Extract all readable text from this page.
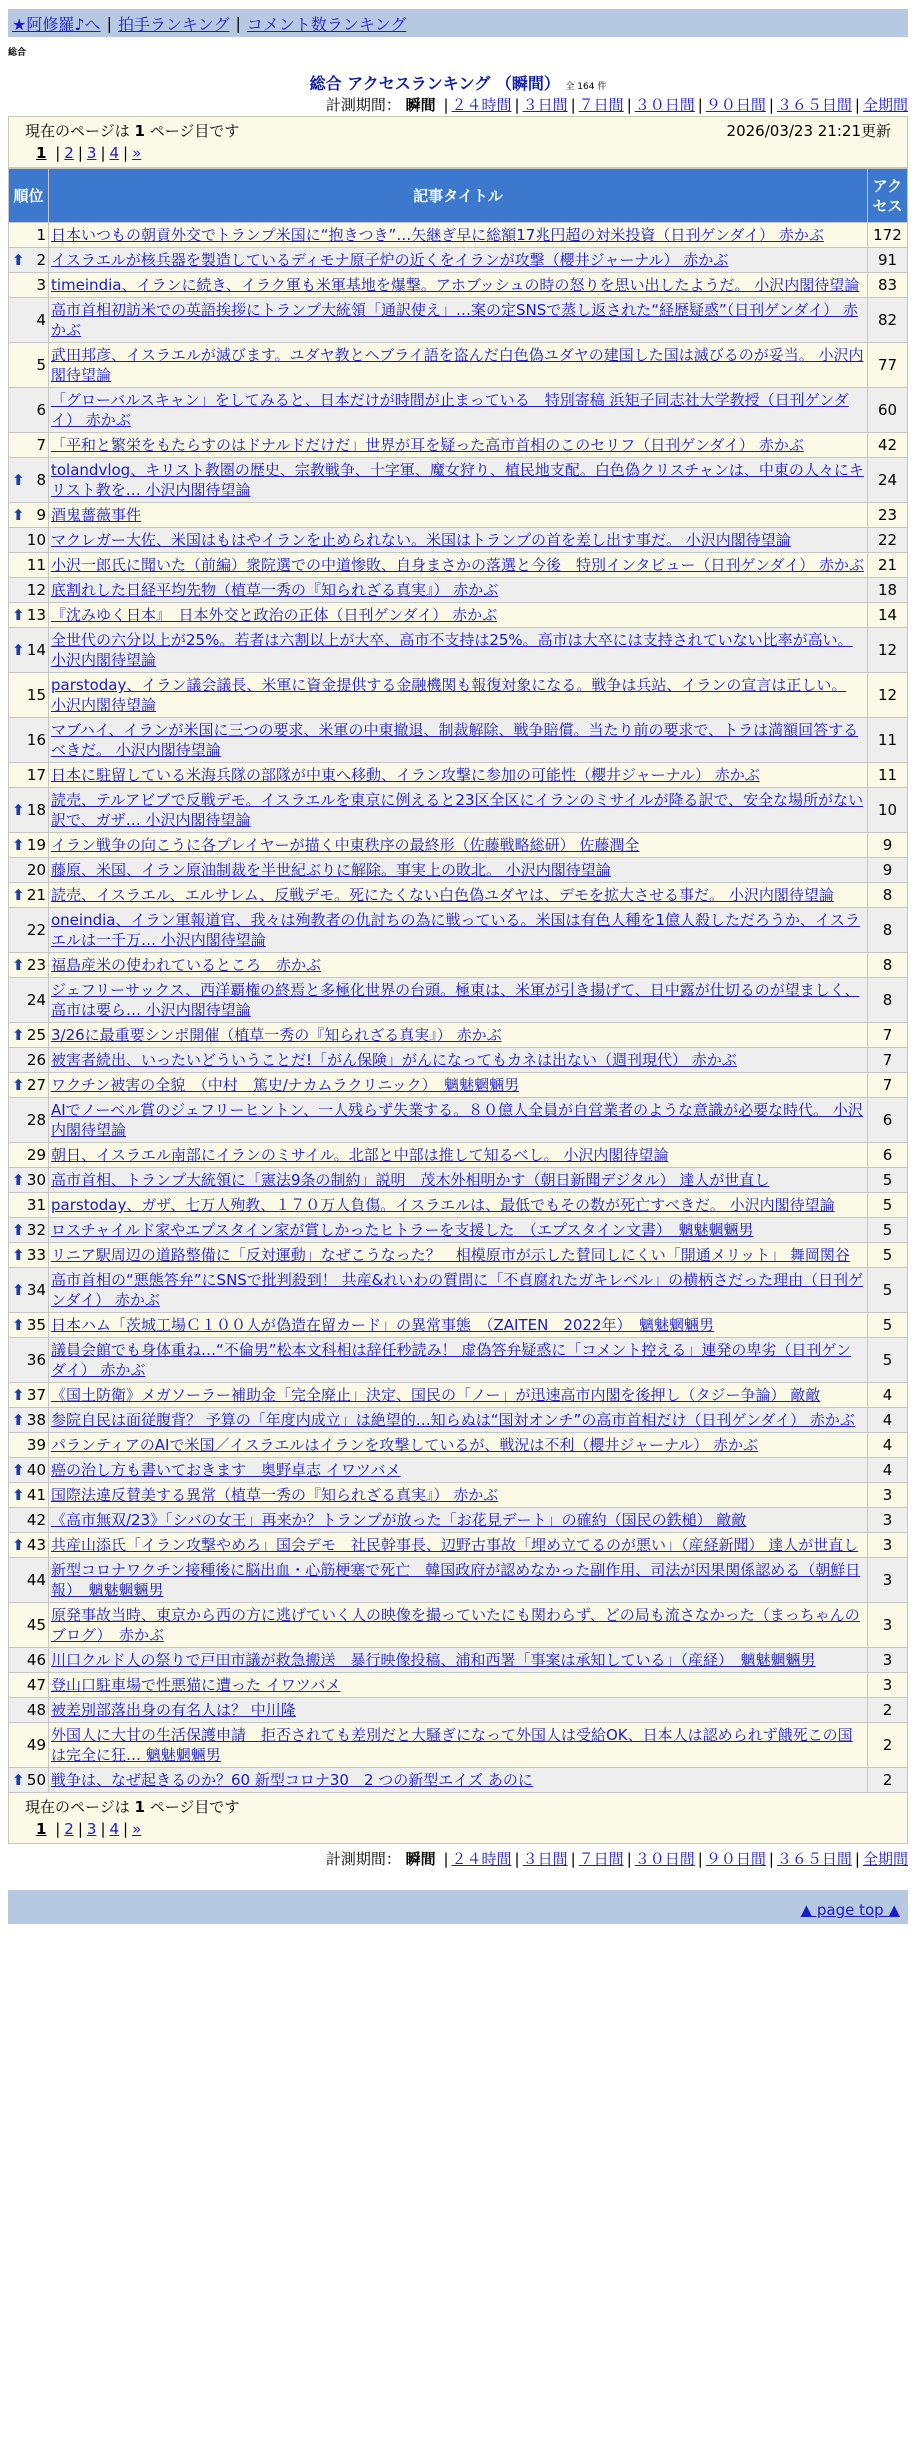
★阿修羅♪へ | 拍手ランキング | コメント数ランキング
総合
総合 アクセスランキング （瞬間） 全 164 件
計測期間： 瞬間 | ２４時間 | ３日間 | ７日間 | ３０日間 | ９０日間 | ３６５日間 | 全期間
現在のページは 1 ページ目です	2026/03/23 21:21更新
1 | 2 | 3 | 4 | »
順位	記事タイトル	アクセス
1	日本いつもの朝貢外交でトランプ米国に“抱きつき”…矢継ぎ早に総額17兆円超の対米投資（日刊ゲンダイ） 赤かぶ	172

⬆ 2	イスラエルが核兵器を製造しているディモナ原子炉の近くをイランが攻撃（櫻井ジャーナル） 赤かぶ	91
3	timeindia、イランに続き、イラク軍も米軍基地を爆撃。アホブッシュの時の怒りを思い出したようだ。 小沢内閣待望論	83
4	高市首相初訪米での英語挨拶にトランプ大統領「通訳使え」…案の定SNSで蒸し返された“経歴疑惑”（日刊ゲンダイ） 赤かぶ	82
5	武田邦彦、イスラエルが滅びます。ユダヤ教とヘブライ語を盗んだ白色偽ユダヤの建国した国は滅びるのが妥当。 小沢内閣待望論	77
6	「グローバルスキャン」をしてみると、日本だけが時間が止まっている　特別寄稿 浜矩子同志社大学教授（日刊ゲンダイ） 赤かぶ	60
7	「平和と繁栄をもたらすのはドナルドだけだ」世界が耳を疑った高市首相のこのセリフ（日刊ゲンダイ） 赤かぶ	42

⬆ 8	tolandvlog、キリスト教圏の歴史、宗教戦争、十字軍、魔女狩り、植民地支配。白色偽クリスチャンは、中東の人々にキリスト教を… 小沢内閣待望論	24

⬆ 9	酒鬼薔薇事件	23
10	マクレガー大佐、米国はもはやイランを止められない。米国はトランプの首を差し出す事だ。 小沢内閣待望論	22
11	小沢一郎氏に聞いた（前編）衆院選での中道惨敗、自身まさかの落選と今後　特別インタビュー（日刊ゲンダイ） 赤かぶ	21
12	底割れした日経平均先物（植草一秀の『知られざる真実』） 赤かぶ	18

⬆ 13	『沈みゆく日本』　日本外交と政治の正体（日刊ゲンダイ） 赤かぶ	14

⬆ 14	全世代の六分以上が25%。若者は六割以上が大卒、高市不支持は25%。高市は大卒には支持されていない比率が高い。 小沢内閣待望論	12
15	parstoday、イラン議会議長、米軍に資金提供する金融機関も報復対象になる。戦争は兵站、イランの宣言は正しい。 小沢内閣待望論	12
16	マブハイ、イランが米国に三つの要求、米軍の中東撤退、制裁解除、戦争賠償。当たり前の要求で、トラは満額回答するべきだ。 小沢内閣待望論	11
17	日本に駐留している米海兵隊の部隊が中東へ移動、イラン攻撃に参加の可能性（櫻井ジャーナル） 赤かぶ	11

⬆ 18	読売、テルアビブで反戦デモ。イスラエルを東京に例えると23区全区にイランのミサイルが降る訳で、安全な場所がない訳で、ガザ… 小沢内閣待望論	10

⬆ 19	イラン戦争の向こうに各プレイヤーが描く中東秩序の最終形（佐藤戦略総研） 佐藤潤全	9
20	藤原、米国、イラン原油制裁を半世紀ぶりに解除。事実上の敗北。 小沢内閣待望論	9

⬆ 21	読売、イスラエル、エルサレム、反戦デモ。死にたくない白色偽ユダヤは、デモを拡大させる事だ。 小沢内閣待望論	8
22	oneindia、イラン軍報道官、我々は殉教者の仇討ちの為に戦っている。米国は有色人種を1億人殺しただろうか、イスラエルは一千万… 小沢内閣待望論	8

⬆ 23	福島産米の使われているところ　赤かぶ	8
24	ジェフリーサックス、西洋覇権の終焉と多極化世界の台頭。極東は、米軍が引き揚げて、日中露が仕切るのが望ましく、高市は要ら… 小沢内閣待望論	8

⬆ 25	3/26に最重要シンポ開催（植草一秀の『知られざる真実』） 赤かぶ	7
26	被害者続出、いったいどういうことだ!「がん保険」がんになってもカネは出ない（週刊現代） 赤かぶ	7

⬆ 27	ワクチン被害の全貌　（中村　篤史/ナカムラクリニック）　魑魅魍魎男	7
28	AIでノーベル賞のジェフリーヒントン、一人残らず失業する。８０億人全員が自営業者のような意識が必要な時代。 小沢内閣待望論	6
29	朝日、イスラエル南部にイランのミサイル。北部と中部は推して知るべし。 小沢内閣待望論	6

⬆ 30	高市首相、トランプ大統領に「憲法9条の制約」説明　茂木外相明かす（朝日新聞デジタル） 達人が世直し	5
31	parstoday、ガザ、七万人殉教、１７０万人負傷。イスラエルは、最低でもその数が死亡すべきだ。 小沢内閣待望論	5

⬆ 32	ロスチャイルド家やエプスタイン家が賞しかったヒトラーを支援した　（エプスタイン文書）　魑魅魍魎男	5

⬆ 33	リニア駅周辺の道路整備に「反対運動」なぜこうなった？　相模原市が示した賛同しにくい「開通メリット」 舞岡関谷	5

⬆ 34	高市首相の“悪態答弁”にSNSで批判殺到！ 共産&れいわの質問に「不貞腐れたガキレベル」の横柄さだった理由（日刊ゲンダイ） 赤かぶ	5

⬆ 35	日本ハム「茨城工場Ｃ１００人が偽造在留カード」の異常事態　（ZAITEN　2022年）　魑魅魍魎男	5
36	議員会館でも身体重ね…“不倫男”松本文科相は辞任秒読み！ 虚偽答弁疑惑に「コメント控える」連発の卑劣（日刊ゲンダイ） 赤かぶ	5

⬆ 37	《国土防衛》メガソーラー補助金「完全廃止」決定、国民の「ノー」が迅速高市内閣を後押し（タジー争論） 敵敵	4

⬆ 38	参院自民は面従腹背？ 予算の「年度内成立」は絶望的…知らぬは“国対オンチ”の高市首相だけ（日刊ゲンダイ） 赤かぶ	4
39	パランティアのAIで米国／イスラエルはイランを攻撃しているが、戦況は不利（櫻井ジャーナル） 赤かぶ	4

⬆ 40	癌の治し方も書いておきます　奥野卓志 イワツバメ	4

⬆ 41	国際法違反賛美する異常（植草一秀の『知られざる真実』） 赤かぶ	3
42	《高市無双/23》「シバの女王」再来か？トランプが放った「お花見デート」の確約（国民の鉄槌） 敵敵	3

⬆ 43	共産山添氏「イラン攻撃やめろ」国会デモ　社民幹事長、辺野古事故「埋め立てるのが悪い」（産経新聞） 達人が世直し	3
44	新型コロナワクチン接種後に脳出血・心筋梗塞で死亡　韓国政府が認めなかった副作用、司法が因果関係認める（朝鮮日報）　魑魅魍魎男	3
45	原発事故当時、東京から西の方に逃げていく人の映像を撮っていたにも関わらず、どの局も流さなかった（まっちゃんのブログ）　赤かぶ	3
46	川口クルド人の祭りで戸田市議が救急搬送　暴行映像投稿、浦和西署「事案は承知している」（産経）　魑魅魍魎男	3
47	登山口駐車場で性悪猫に遭った イワツバメ	3
48	被差別部落出身の有名人は？ 中川隆	2
49	外国人に大甘の生活保護申請　拒否されても差別だと大騒ぎになって外国人は受給OK、日本人は認められず餓死この国は完全に狂… 魑魅魍魎男	2

⬆ 50	戦争は、なぜ起きるのか？60 新型コロナ30　2 つの新型エイズ あのに	2
現在のページは 1 ページ目です
1 | 2 | 3 | 4 | »
計測期間： 瞬間 | ２４時間 | ３日間 | ７日間 | ３０日間 | ９０日間 | ３６５日間 | 全期間
▲ page top ▲
